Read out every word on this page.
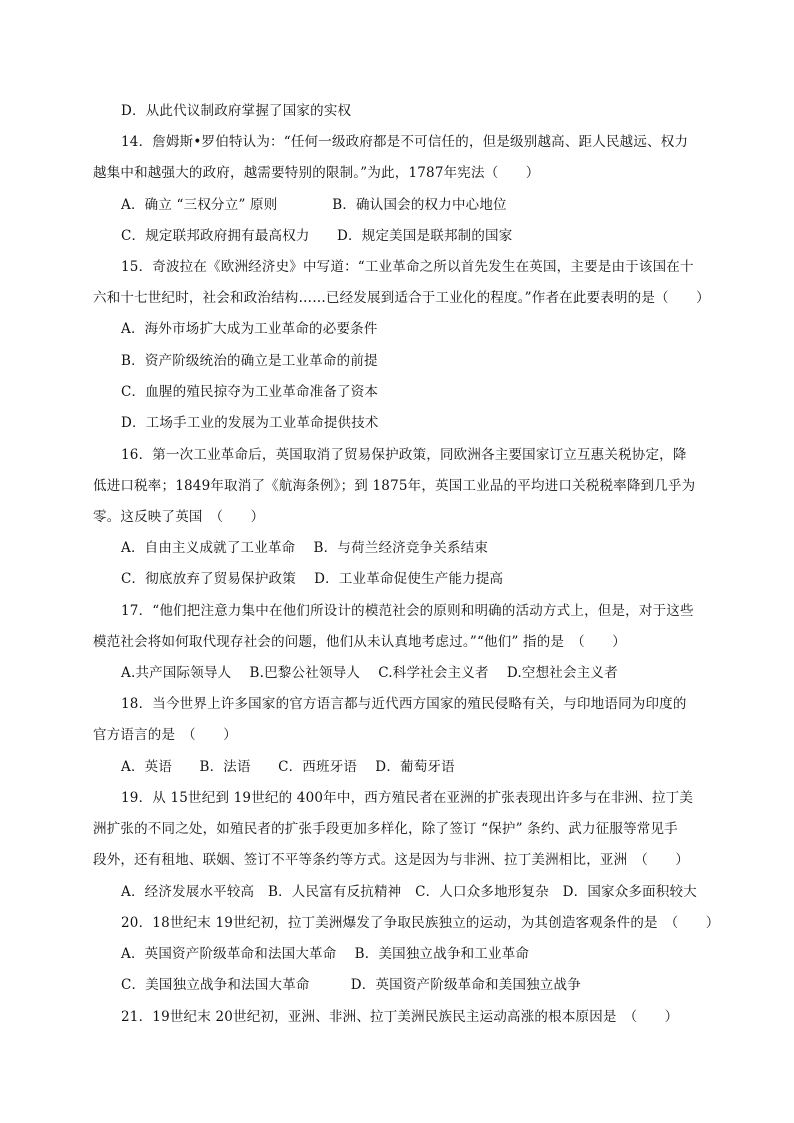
D．从此代议制政府掌握了国家的实权
14．詹姆斯•罗伯特认为：“任何一级政府都是不可信任的，但是级别越高、距人民越远、权力
越集中和越强大的政府，越需要特别的限制。”为此，1787年宪法（　　）
A．确立 “三权分立” 原则　　　　B．确认国会的权力中心地位
C．规定联邦政府拥有最高权力　　D．规定美国是联邦制的国家
15．奇波拉在《欧洲经济史》中写道：“工业革命之所以首先发生在英国，主要是由于该国在十
六和十七世纪时，社会和政治结构……已经发展到适合于工业化的程度。”作者在此要表明的是（　　）
A．海外市场扩大成为工业革命的必要条件
B．资产阶级统治的确立是工业革命的前提
C．血腥的殖民掠夺为工业革命准备了资本
D．工场手工业的发展为工业革命提供技术
16．第一次工业革命后，英国取消了贸易保护政策，同欧洲各主要国家订立互惠关税协定，降
低进口税率；1849年取消了《航海条例》；到 1875年，英国工业品的平均进口关税税率降到几乎为
零。这反映了英国　（　　）
A．自由主义成就了工业革命　 B．与荷兰经济竞争关系结束
C．彻底放弃了贸易保护政策　 D．工业革命促使生产能力提高
17．“他们把注意力集中在他们所设计的模范社会的原则和明确的活动方式上，但是，对于这些
模范社会将如何取代现存社会的问题，他们从未认真地考虑过。”“他们” 指的是　（　　）
A.共产国际领导人　 B.巴黎公社领导人　 C.科学社会主义者　 D.空想社会主义者
18．当今世界上许多国家的官方语言都与近代西方国家的殖民侵略有关，与印地语同为印度的
官方语言的是　（　　）
A．英语　　B．法语　　C．西班牙语　 D．葡萄牙语
19．从 15世纪到 19世纪的 400年中，西方殖民者在亚洲的扩张表现出许多与在非洲、拉丁美
洲扩张的不同之处，如殖民者的扩张手段更加多样化，除了签订 “保护” 条约、武力征服等常见手
段外，还有租地、联姻、签订不平等条约等方式。这是因为与非洲、拉丁美洲相比，亚洲　（　　）
A．经济发展水平较高　B．人民富有反抗精神　C．人口众多地形复杂　D．国家众多面积较大
20．18世纪末 19世纪初，拉丁美洲爆发了争取民族独立的运动，为其创造客观条件的是　（　　）
A．英国资产阶级革命和法国大革命　 B．美国独立战争和工业革命
C．美国独立战争和法国大革命　　　D．英国资产阶级革命和美国独立战争
21．19世纪末 20世纪初，亚洲、非洲、拉丁美洲民族民主运动高涨的根本原因是　（　　）
